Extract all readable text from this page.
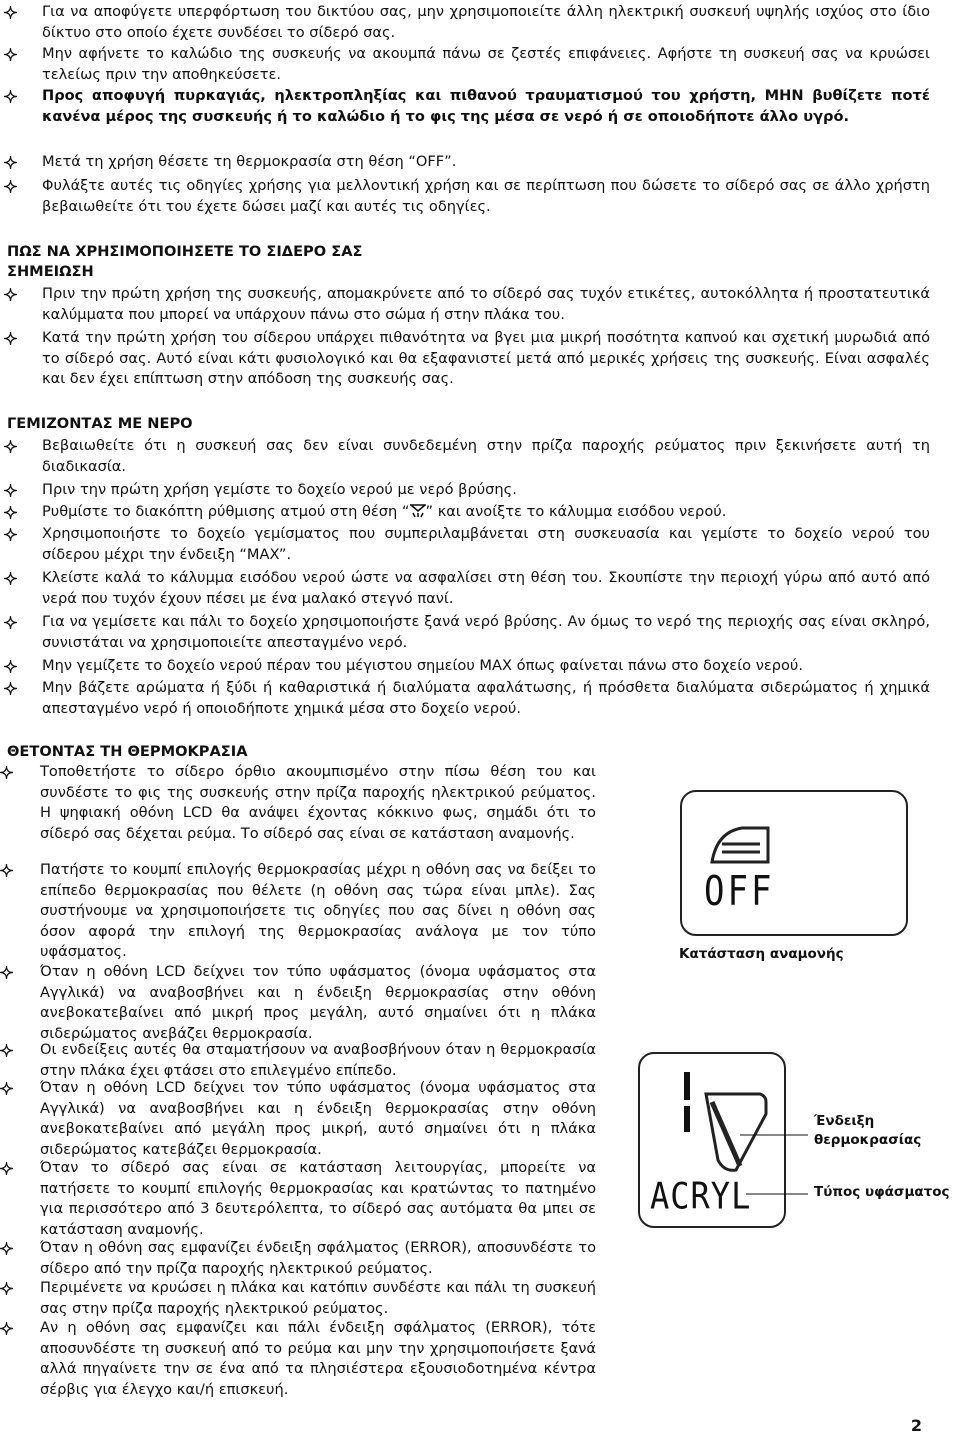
Για να αποφύγετε υπερφόρτωση του δικτύου σας, μην χρησιμοποιείτε άλλη ηλεκτρική συσκευή υψηλής ισχύος στο ίδιο δίκτυο στο οποίο έχετε συνδέσει το σίδερό σας.
Μην αφήνετε το καλώδιο της συσκευής να ακουμπά πάνω σε ζεστές επιφάνειες. Αφήστε τη συσκευή σας να κρυώσει τελείως πριν την αποθηκεύσετε.
Προς αποφυγή πυρκαγιάς, ηλεκτροπληξίας και πιθανού τραυματισμού του χρήστη, ΜΗΝ βυθίζετε ποτέ κανένα μέρος της συσκευής ή το καλώδιο ή το φις της μέσα σε νερό ή σε οποιοδήποτε άλλο υγρό.
Μετά τη χρήση θέσετε τη θερμοκρασία στη θέση “OFF”.
Φυλάξτε αυτές τις οδηγίες χρήσης για μελλοντική χρήση και σε περίπτωση που δώσετε το σίδερό σας σε άλλο χρήστη βεβαιωθείτε ότι του έχετε δώσει μαζί και αυτές τις οδηγίες.
ΠΩΣ ΝΑ ΧΡΗΣΙΜΟΠΟΙΗΣΕΤΕ ΤΟ ΣΙΔΕΡΟ ΣΑΣ
ΣΗΜΕΙΩΣΗ
Πριν την πρώτη χρήση της συσκευής, απομακρύνετε από το σίδερό σας τυχόν ετικέτες, αυτοκόλλητα ή προστατευτικά καλύμματα που μπορεί να υπάρχουν πάνω στο σώμα ή στην πλάκα του.
Κατά την πρώτη χρήση του σίδερου υπάρχει πιθανότητα να βγει μια μικρή ποσότητα καπνού και σχετική μυρωδιά από το σίδερό σας. Αυτό είναι κάτι φυσιολογικό και θα εξαφανιστεί μετά από μερικές χρήσεις της συσκευής. Είναι ασφαλές και δεν έχει επίπτωση στην απόδοση της συσκευής σας.
ΓΕΜΙΖΟΝΤΑΣ ΜΕ ΝΕΡΟ
Βεβαιωθείτε ότι η συσκευή σας δεν είναι συνδεδεμένη στην πρίζα παροχής ρεύματος πριν ξεκινήσετε αυτή τη διαδικασία.
Πριν την πρώτη χρήση γεμίστε το δοχείο νερού με νερό βρύσης.
Ρυθμίστε το διακόπτη ρύθμισης ατμού στη θέση “ ” και ανοίξτε το κάλυμμα εισόδου νερού.
Χρησιμοποιήστε το δοχείο γεμίσματος που συμπεριλαμβάνεται στη συσκευασία και γεμίστε το δοχείο νερού του σίδερου μέχρι την ένδειξη “MAX”.
Κλείστε καλά το κάλυμμα εισόδου νερού ώστε να ασφαλίσει στη θέση του. Σκουπίστε την περιοχή γύρω από αυτό από νερά που τυχόν έχουν πέσει με ένα μαλακό στεγνό πανί.
Για να γεμίσετε και πάλι το δοχείο χρησιμοποιήστε ξανά νερό βρύσης. Αν όμως το νερό της περιοχής σας είναι σκληρό, συνιστάται να χρησιμοποιείτε απεσταγμένο νερό.
Μην γεμίζετε το δοχείο νερού πέραν του μέγιστου σημείου MAX όπως φαίνεται πάνω στο δοχείο νερού.
Μην βάζετε αρώματα ή ξύδι ή καθαριστικά ή διαλύματα αφαλάτωσης, ή πρόσθετα διαλύματα σιδερώματος ή χημικά απεσταγμένο νερό ή οποιοδήποτε χημικά μέσα στο δοχείο νερού.
ΘΕΤΟΝΤΑΣ ΤΗ ΘΕΡΜΟΚΡΑΣΙΑ
Τοποθετήστε το σίδερο όρθιο ακουμπισμένο στην πίσω θέση του και συνδέστε το φις της συσκευής στην πρίζα παροχής ηλεκτρικού ρεύματος. Η ψηφιακή οθόνη LCD θα ανάψει έχοντας κόκκινο φως, σημάδι ότι το σίδερό σας δέχεται ρεύμα. Το σίδερό σας είναι σε κατάσταση αναμονής.
Πατήστε το κουμπί επιλογής θερμοκρασίας μέχρι η οθόνη σας να δείξει το επίπεδο θερμοκρασίας που θέλετε (η οθόνη σας τώρα είναι μπλε). Σας συστήνουμε να χρησιμοποιήσετε τις οδηγίες που σας δίνει η οθόνη σας όσον αφορά την επιλογή της θερμοκρασίας ανάλογα με τον τύπο υφάσματος.
Όταν η οθόνη LCD δείχνει τον τύπο υφάσματος (όνομα υφάσματος στα Αγγλικά) να αναβοσβήνει και η ένδειξη θερμοκρασίας στην οθόνη ανεβοκατεβαίνει από μικρή προς μεγάλη, αυτό σημαίνει ότι η πλάκα σιδερώματος ανεβάζει θερμοκρασία.
Οι ενδείξεις αυτές θα σταματήσουν να αναβοσβήνουν όταν η θερμοκρασία στην πλάκα έχει φτάσει στο επιλεγμένο επίπεδο.
Όταν η οθόνη LCD δείχνει τον τύπο υφάσματος (όνομα υφάσματος στα Αγγλικά) να αναβοσβήνει και η ένδειξη θερμοκρασίας στην οθόνη ανεβοκατεβαίνει από μεγάλη προς μικρή, αυτό σημαίνει ότι η πλάκα σιδερώματος κατεβάζει θερμοκρασία.
Όταν το σίδερό σας είναι σε κατάσταση λειτουργίας, μπορείτε να πατήσετε το κουμπί επιλογής θερμοκρασίας και κρατώντας το πατημένο για περισσότερο από 3 δευτερόλεπτα, το σίδερό σας αυτόματα θα μπει σε κατάσταση αναμονής.
Όταν η οθόνη σας εμφανίζει ένδειξη σφάλματος (ERROR), αποσυνδέστε το σίδερο από την πρίζα παροχής ηλεκτρικού ρεύματος.
Περιμένετε να κρυώσει η πλάκα και κατόπιν συνδέστε και πάλι τη συσκευή σας στην πρίζα παροχής ηλεκτρικού ρεύματος.
Αν η οθόνη σας εμφανίζει και πάλι ένδειξη σφάλματος (ERROR), τότε αποσυνδέστε τη συσκευή από το ρεύμα και μην την χρησιμοποιήσετε ξανά αλλά πηγαίνετε την σε ένα από τα πλησιέστερα εξουσιοδοτημένα κέντρα σέρβις για έλεγχο και/ή επισκευή.
OFF
Κατάσταση αναμονής
ACRYL
Ένδειξη θερμοκρασίας
Τύπος υφάσματος
2
